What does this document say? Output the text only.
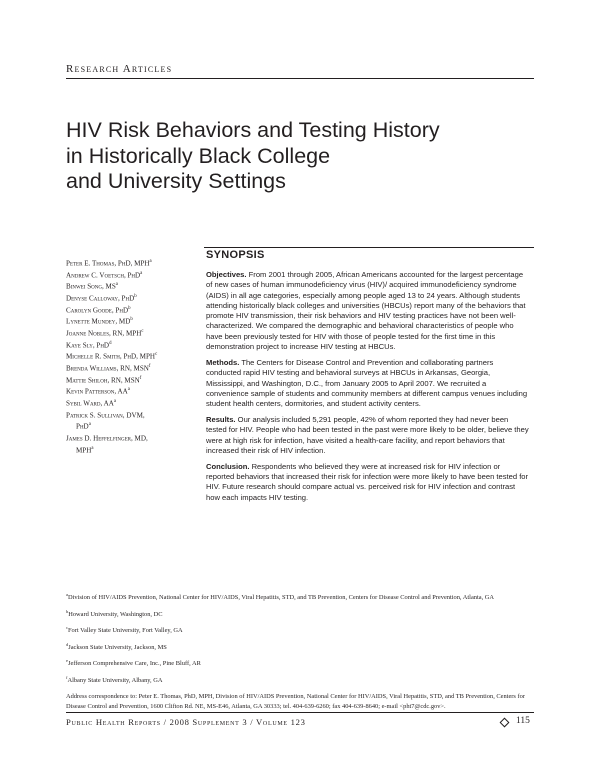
Research Articles
HIV Risk Behaviors and Testing History
in Historically Black College
and University Settings
Peter E. Thomas, PhD, MPH$^a$
Andrew C. Voetsch, PhD$^a$
Binwei Song, $MS^a$
Denyse Calloway, PhD$^b$
Carolyn Goode, PhD$^b$
Lynette Mundey, $MD^b$
Joanne Nobles, RN, MPH$^c$
Kaye Sly, PhD$^d$
Michelle R. Smith, PhD, MPH$^c$
Brenda Williams, RN, MSN$^f$
Mattie Shiloh, RN, MSN$^f$
Kevin Patterson, $AA^a$
Sybil Ward, $AA^a$
Patrick S. Sullivan, DVM,
PhD$^a$
James D. Heffelfinger, MD,
MPH$^a$
SYNOPSIS

Objectives. From 2001 through 2005, African Americans accounted for the largest percentage of new cases of human immunodeficiency virus (HIV)/ acquired immunodeficiency syndrome (AIDS) in all age categories, especially among people aged 13 to 24 years. Although students attending historically black colleges and universities (HBCUs) report many of the behaviors that promote HIV transmission, their risk behaviors and HIV testing practices have not been well-characterized. We compared the demographic and behavioral characteristics of people who have been previously tested for HIV with those of people tested for the first time in this demonstration project to increase HIV testing at HBCUs.

Methods. The Centers for Disease Control and Prevention and collaborating partners conducted rapid HIV testing and behavioral surveys at HBCUs in Arkansas, Georgia, Mississippi, and Washington, D.C., from January 2005 to April 2007. We recruited a convenience sample of students and community members at different campus venues including student health centers, dormitories, and student activity centers.

Results. Our analysis included 5,291 people, 42% of whom reported they had never been tested for HIV. People who had been tested in the past were more likely to be older, believe they were at high risk for infection, have visited a health-care facility, and report behaviors that increased their risk of HIV infection.

Conclusion. Respondents who believed they were at increased risk for HIV infection or reported behaviors that increased their risk for infection were more likely to have been tested for HIV. Future research should compare actual vs. perceived risk for HIV infection and contrast how each impacts HIV testing.

$^a$Division of HIV/AIDS Prevention, National Center for HIV/AIDS, Viral Hepatitis, STD, and TB Prevention, Centers for Disease Control and Prevention, Atlanta, GA
$^b$Howard University, Washington, DC
$^c$Fort Valley State University, Fort Valley, GA
$^d$Jackson State University, Jackson, MS
$^e$Jefferson Comprehensive Care, Inc., Pine Bluff, AR
$^f$Albany State University, Albany, GA
Address correspondence to: Peter E. Thomas, PhD, MPH, Division of HIV/AIDS Prevention, National Center for HIV/AIDS, Viral Hepatitis, STD, and TB Prevention, Centers for Disease Control and Prevention, 1600 Clifton Rd. NE, MS-E46, Atlanta, GA 30333; tel. 404-639-6260; fax 404-639-8640; e-mail <pht7@cdc.gov>.
Public Health Reports / 2008 Supplement 3 / Volume 123	115
